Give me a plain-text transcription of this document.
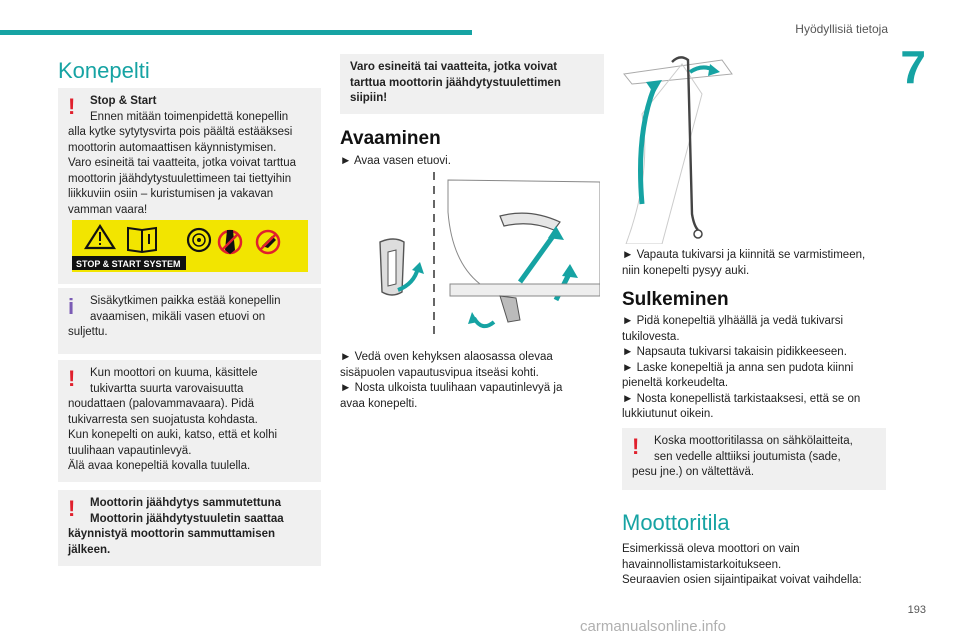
Hyödyllisiä tietoja
7
Konepelti
!	Stop & Start
Ennen mitään toimenpidettä konepellin
alla kytke sytytysvirta pois päältä estääksesi
moottorin automaattisen käynnistymisen.
Varo esineitä tai vaatteita, jotka voivat tarttua
moottorin jäähdytystuulettimeen tai tiettyihin
liikkuviin osiin – kuristumisen ja vakavan
vamman vaara!
STOP & START SYSTEM
i	Sisäkytkimen paikka estää konepellin
avaamisen, mikäli vasen etuovi on
suljettu.
!	Kun moottori on kuuma, käsittele
tukivartta suurta varovaisuutta
noudattaen (palovammavaara). Pidä
tukivarresta sen suojatusta kohdasta.
Kun konepelti on auki, katso, että et kolhi
tuulihaan vapautinlevyä.
Älä avaa konepeltiä kovalla tuulella.
!	Moottorin jäähdytys sammutettuna
Moottorin jäähdytystuuletin saattaa
käynnistyä moottorin sammuttamisen
jälkeen.
Varo esineitä tai vaatteita, jotka voivat
tarttua moottorin jäähdytystuulettimen
siipiin!
Avaaminen
► Avaa vasen etuovi.
► Vedä oven kehyksen alaosassa olevaa
sisäpuolen vapautusvipua itseäsi kohti.
► Nosta ulkoista tuulihaan vapautinlevyä ja
avaa konepelti.
► Vapauta tukivarsi ja kiinnitä se varmistimeen,
niin konepelti pysyy auki.
Sulkeminen
► Pidä konepeltiä ylhäällä ja vedä tukivarsi
tukilovesta.
► Napsauta tukivarsi takaisin pidikkeeseen.
► Laske konepeltiä ja anna sen pudota kiinni
pieneltä korkeudelta.
► Nosta konepellistä tarkistaaksesi, että se on
lukkiutunut oikein.
!	Koska moottoritilassa on sähkölaitteita,
sen vedelle alttiiksi joutumista (sade,
pesu jne.) on vältettävä.
Moottoritila
Esimerkissä oleva moottori on vain
havainnollistamistarkoitukseen.
Seuraavien osien sijaintipaikat voivat vaihdella:
193
carmanualsonline.info
